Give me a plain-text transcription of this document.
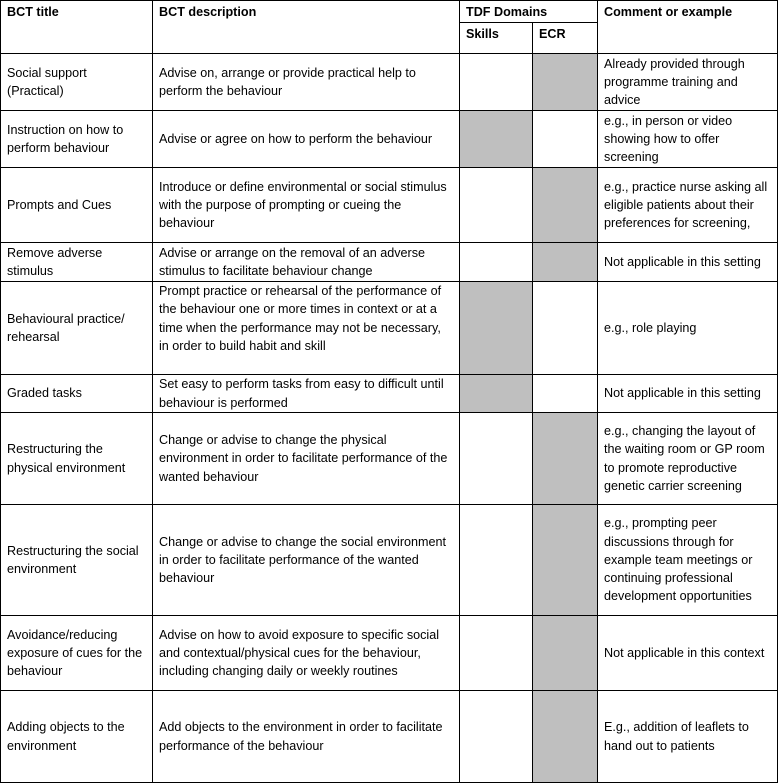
BCT title	BCT description	TDF Domains		Comment or example
		Skills	ECR	
Social support (Practical)	Advise on, arrange or provide practical help to perform the behaviour			Already provided through programme training and advice
Instruction on how to perform behaviour	Advise or agree on how to perform the behaviour			e.g., in person or video showing how to offer screening
Prompts and Cues	Introduce or define environmental or social stimulus with the purpose of prompting or cueing the behaviour			e.g., practice nurse asking all eligible patients about their preferences for screening,
Remove adverse stimulus	Advise or arrange on the removal of an adverse stimulus to facilitate behaviour change			Not applicable in this setting
Behavioural practice/ rehearsal	Prompt practice or rehearsal of the performance of the behaviour one or more times in context or at a time when the performance may not be necessary, in order to build habit and skill			e.g., role playing
Graded tasks	Set easy to perform tasks from easy to difficult until behaviour is performed			Not applicable in this setting
Restructuring the physical environment	Change or advise to change the physical environment in order to facilitate performance of the wanted behaviour			e.g., changing the layout of the waiting room or GP room to promote reproductive genetic carrier screening
Restructuring the social environment	Change or advise to change the social environment in order to facilitate performance of the wanted behaviour			e.g., prompting peer discussions through for example team meetings or continuing professional development opportunities
Avoidance/reducing exposure of cues for the behaviour	Advise on how to avoid exposure to specific social and contextual/physical cues for the behaviour, including changing daily or weekly routines			Not applicable in this context
Adding objects to the environment	Add objects to the environment in order to facilitate performance of the behaviour			E.g., addition of leaflets to hand out to patients
